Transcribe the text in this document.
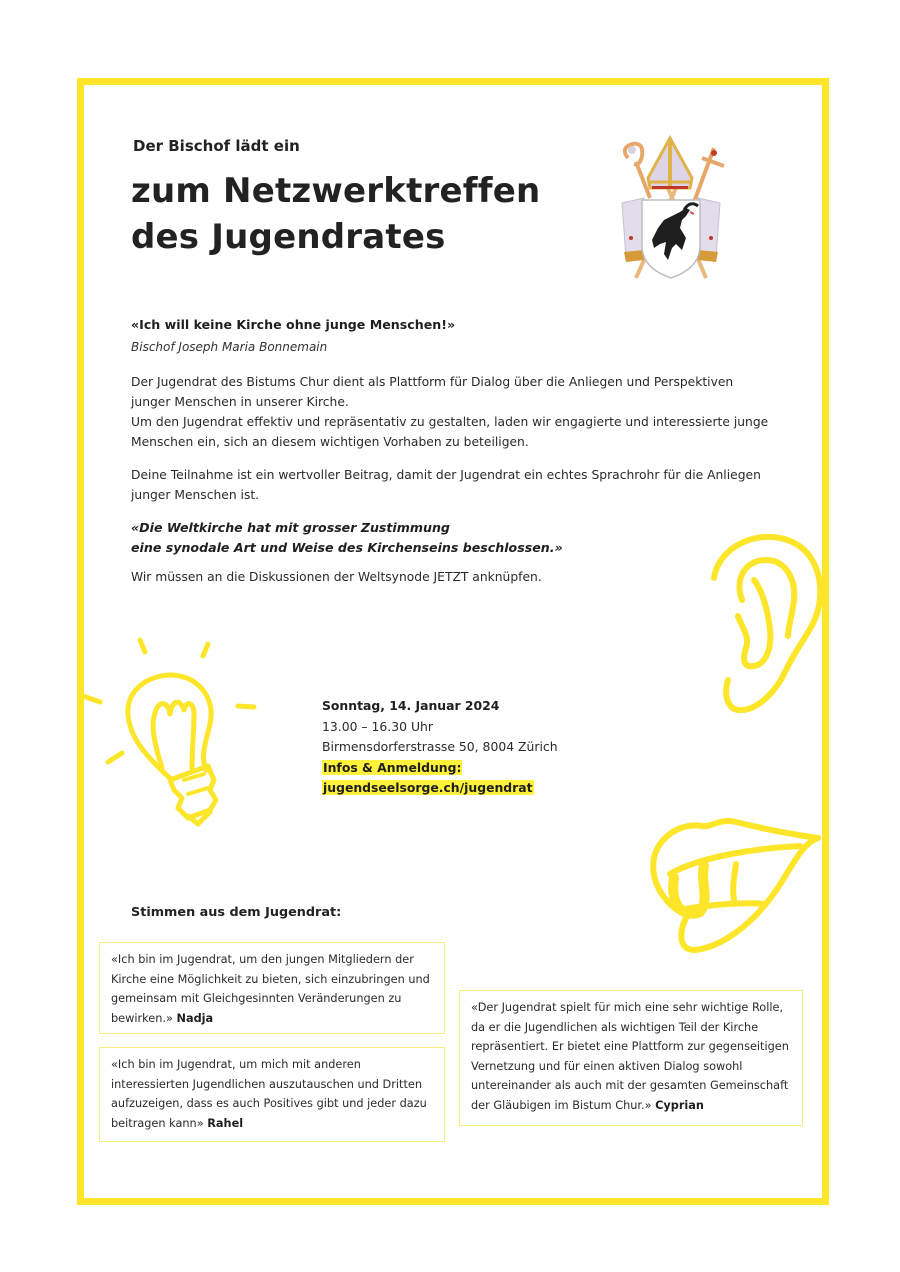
Der Bischof lädt ein
zum Netzwerktreffen
des Jugendrates
«Ich will keine Kirche ohne junge Menschen!»
Bischof Joseph Maria Bonnemain
Der Jugendrat des Bistums Chur dient als Plattform für Dialog über die Anliegen und Perspektiven
junger Menschen in unserer Kirche.
Um den Jugendrat effektiv und repräsentativ zu gestalten, laden wir engagierte und interessierte junge
Menschen ein, sich an diesem wichtigen Vorhaben zu beteiligen.
Deine Teilnahme ist ein wertvoller Beitrag, damit der Jugendrat ein echtes Sprachrohr für die Anliegen
junger Menschen ist.
«Die Weltkirche hat mit grosser Zustimmung
eine synodale Art und Weise des Kirchenseins beschlossen.»
Wir müssen an die Diskussionen der Weltsynode JETZT anknüpfen.
Sonntag, 14. Januar 2024
13.00 – 16.30 Uhr
Birmensdorferstrasse 50, 8004 Zürich
Infos & Anmeldung:
jugendseelsorge.ch/jugendrat
Stimmen aus dem Jugendrat:
«Ich bin im Jugendrat, um den jungen Mitgliedern der
Kirche eine Möglichkeit zu bieten, sich einzubringen und
gemeinsam mit Gleichgesinnten Veränderungen zu
bewirken.» Nadja
«Ich bin im Jugendrat, um mich mit anderen
interessierten Jugendlichen auszutauschen und Dritten
aufzuzeigen, dass es auch Positives gibt und jeder dazu
beitragen kann» Rahel
«Der Jugendrat spielt für mich eine sehr wichtige Rolle,
da er die Jugendlichen als wichtigen Teil der Kirche
repräsentiert. Er bietet eine Plattform zur gegenseitigen
Vernetzung und für einen aktiven Dialog sowohl
untereinander als auch mit der gesamten Gemeinschaft
der Gläubigen im Bistum Chur.» Cyprian
